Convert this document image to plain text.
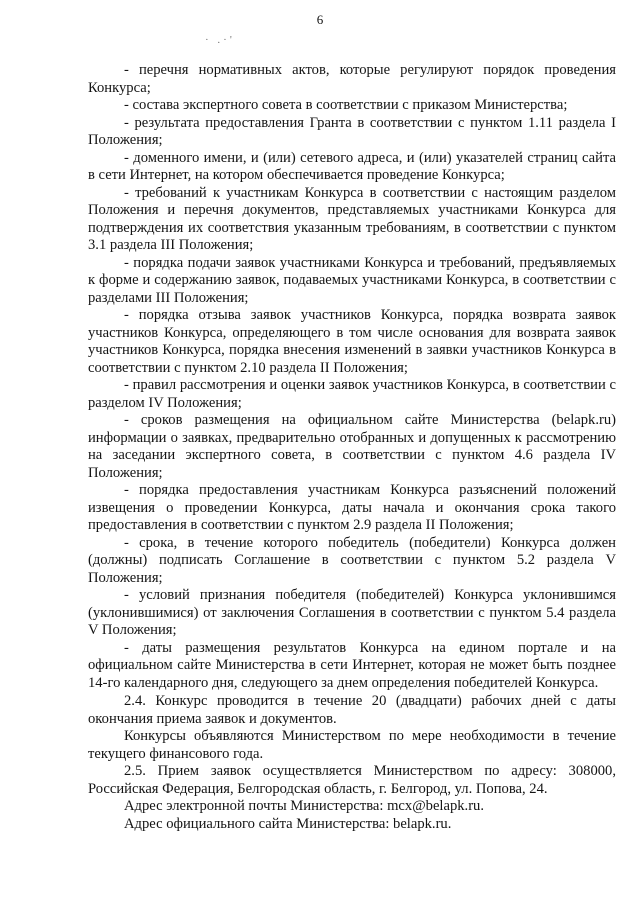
6
· .·'

- перечня нормативных актов, которые регулируют порядок проведения Конкурса;

- состава экспертного совета в соответствии с приказом Министерства;

- результата предоставления Гранта в соответствии с пунктом 1.11 раздела I Положения;

- доменного имени, и (или) сетевого адреса, и (или) указателей страниц сайта в сети Интернет, на котором обеспечивается проведение Конкурса;

- требований к участникам Конкурса в соответствии с настоящим разделом Положения и перечня документов, представляемых участниками Конкурса для подтверждения их соответствия указанным требованиям, в соответствии с пунктом 3.1 раздела III Положения;

- порядка подачи заявок участниками Конкурса и требований, предъявляемых к форме и содержанию заявок, подаваемых участниками Конкурса, в соответствии с разделами III Положения;

- порядка отзыва заявок участников Конкурса, порядка возврата заявок участников Конкурса, определяющего в том числе основания для возврата заявок участников Конкурса, порядка внесения изменений в заявки участников Конкурса в соответствии с пунктом 2.10 раздела II Положения;

- правил рассмотрения и оценки заявок участников Конкурса, в соответствии с разделом IV Положения;

- сроков размещения на официальном сайте Министерства (belapk.ru) информации о заявках, предварительно отобранных и допущенных к рассмотрению на заседании экспертного совета, в соответствии с пунктом 4.6 раздела IV Положения;

- порядка предоставления участникам Конкурса разъяснений положений извещения о проведении Конкурса, даты начала и окончания срока такого предоставления в соответствии с пунктом 2.9 раздела II Положения;

- срока, в течение которого победитель (победители) Конкурса должен (должны) подписать Соглашение в соответствии с пунктом 5.2 раздела V Положения;

- условий признания победителя (победителей) Конкурса уклонившимся (уклонившимися) от заключения Соглашения в соответствии с пунктом 5.4 раздела V Положения;

- даты размещения результатов Конкурса на едином портале и на официальном сайте Министерства в сети Интернет, которая не может быть позднее 14-го календарного дня, следующего за днем определения победителей Конкурса.

2.4. Конкурс проводится в течение 20 (двадцати) рабочих дней с даты окончания приема заявок и документов.

Конкурсы объявляются Министерством по мере необходимости в течение текущего финансового года.

2.5. Прием заявок осуществляется Министерством по адресу: 308000, Российская Федерация, Белгородская область, г. Белгород, ул. Попова, 24.

Адрес электронной почты Министерства: mcx@belapk.ru.

Адрес официального сайта Министерства: belapk.ru.
